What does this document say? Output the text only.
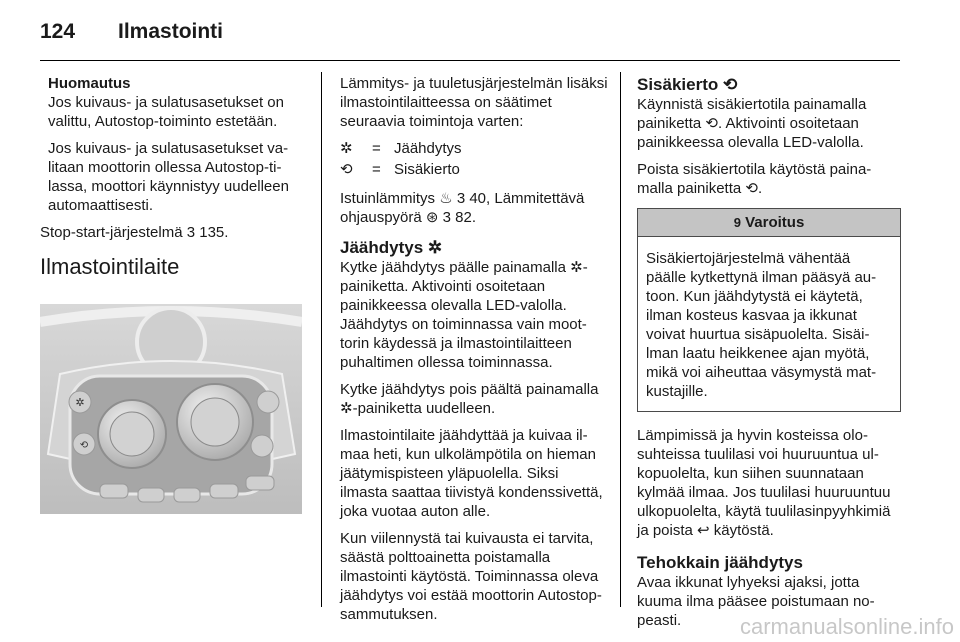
124 Ilmastointi
Huomautus

Jos kuivaus- ja sulatusasetukset on valittu, Autostop-toiminto estetään.

Jos kuivaus- ja sulatusasetukset valitaan moottorin ollessa Autostop-tilassa, moottori käynnistyy uudelleen automaattisesti.

Stop-start-järjestelmä 3 135.

Ilmastointilaite
✲
⟲

Lämmitys- ja tuuletusjärjestelmän lisäksi ilmastointilaitteessa on säätimet seuraavia toimintoja varten:

✲	=	Jäähdytys
⟲	=	Sisäkierto

Istuinlämmitys ♨ 3 40, Lämmitettävä
ohjauspyörä ⊛ 3 82.

Jäähdytys ✲

Kytke jäähdytys päälle painamalla ✲-painiketta. Aktivointi osoitetaan painikkeessa olevalla LED-valolla. Jäähdytys on toiminnassa vain moottorin käydessä ja ilmastointilaitteen puhaltimen ollessa toiminnassa.

Kytke jäähdytys pois päältä painamalla ✲-painiketta uudelleen.

Ilmastointilaite jäähdyttää ja kuivaa ilmaa heti, kun ulkolämpötila on hieman jäätymispisteen yläpuolella. Siksi ilmasta saattaa tiivistyä kondenssivettä, joka vuotaa auton alle.

Kun viilennystä tai kuivausta ei tarvita, säästä polttoainetta poistamalla ilmastointi käytöstä. Toiminnassa oleva jäähdytys voi estää moottorin Autostop-sammutuksen.

Sisäkierto ⟲

Käynnistä sisäkiertotila painamalla painiketta ⟲. Aktivointi osoitetaan painikkeessa olevalla LED-valolla.

Poista sisäkiertotila käytöstä painamalla painiketta ⟲.

9 Varoitus
Sisäkiertojärjestelmä vähentää päälle kytkettynä ilman pääsyä autoon. Kun jäähdytystä ei käytetä, ilman kosteus kasvaa ja ikkunat voivat huurtua sisäpuolelta. Sisäilman laatu heikkenee ajan myötä, mikä voi aiheuttaa väsymystä matkustajille.

Lämpimissä ja hyvin kosteissa olosuhteissa tuulilasi voi huuruuntua ulkopuolelta, kun siihen suunnataan kylmää ilmaa. Jos tuulilasi huuruuntuu ulkopuolelta, käytä tuulilasinpyyhkimiä ja poista ↩ käytöstä.

Tehokkain jäähdytys

Avaa ikkunat lyhyeksi ajaksi, jotta kuuma ilma pääsee poistumaan nopeasti.	carmanualsonline.info
